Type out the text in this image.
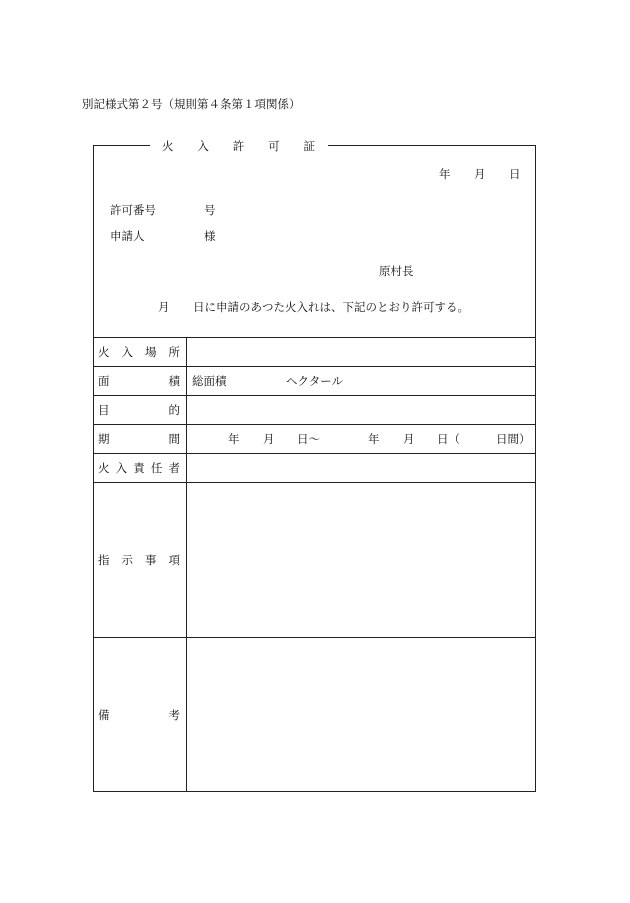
別記様式第２号（規則第４条第１項関係）
火 入 許 可 証
年 月 日
許可番号	号
申請人	様
原村長
月 日に申請のあつた火入れは、下記のとおり許可する。
火 入 場 所
面	積 総面積	ヘクタール
目	的
期	間	年 月 日～	年 月 日（	日間）
火 入 責 任 者
指 示 事 項
備	考
